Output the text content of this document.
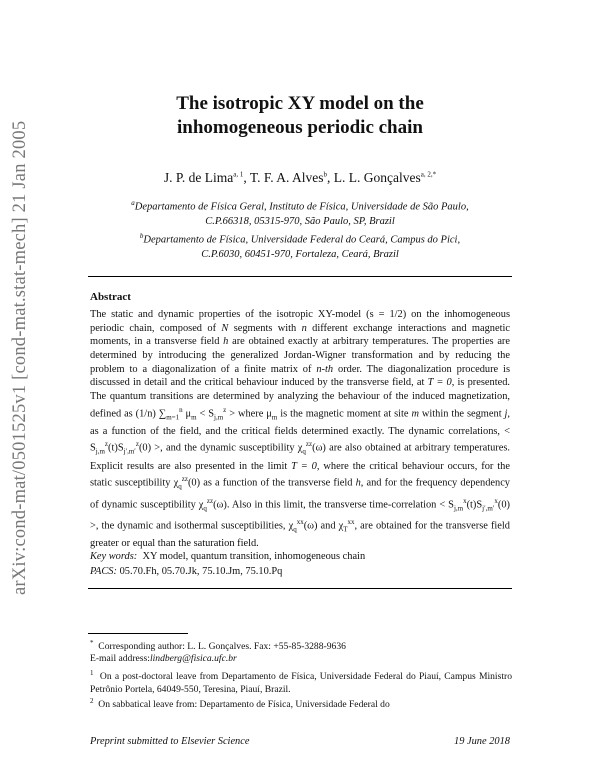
arXiv:cond-mat/0501525v1 [cond-mat.stat-mech] 21 Jan 2005
The isotropic XY model on the
inhomogeneous periodic chain
J. P. de Lima$^{a, 1}$, T. F. A. Alves$^b$, L. L. Gonçalves$^{a, 2,*}$
$^a$Departamento de Física Geral, Instituto de Física, Universidade de São Paulo,
C.P.66318, 05315-970, São Paulo, SP, Brazil
$^b$Departamento de Física, Universidade Federal do Ceará, Campus do Pici,
C.P.6030, 60451-970, Fortaleza, Ceará, Brazil
Abstract
The static and dynamic properties of the isotropic XY-model (s = 1/2) on the inhomogeneous periodic chain, composed of N segments with n different exchange interactions and magnetic moments, in a transverse field h are obtained exactly at arbitrary temperatures. The properties are determined by introducing the generalized Jordan-Wigner transformation and by reducing the problem to a diagonalization of a finite matrix of n-th order. The diagonalization procedure is discussed in detail and the critical behaviour induced by the transverse field, at T = 0, is presented. The quantum transitions are determined by analyzing the behaviour of the induced magnetization, defined as (1/n) $\sum_{m=1}^n$ $\mu_m < S_{j,m}^z$ > where $\mu_m$ is the magnetic moment at site m within the segment j, as a function of the field, and the critical fields determined exactly. The dynamic correlations, < $S_{j,m}^z(t)S_{j',m'}^z(0)$ >, and the dynamic susceptibility $\chi_q^{zz}(\omega)$ are also obtained at arbitrary temperatures. Explicit results are also presented in the limit T = 0, where the critical behaviour occurs, for the static susceptibility $\chi_q^{zz}(0)$ as a function of the transverse field h, and for the frequency dependency of dynamic susceptibility $\chi_q^{zz}(\omega)$. Also in this limit, the transverse time-correlation < $S_{j,m}^x(t)S_{j',m'}^x(0)$ >, the dynamic and isothermal susceptibilities, $\chi_q^{xx}(\omega)$ and $\chi_T^{xx}$, are obtained for the transverse field greater or equal than the saturation field.
Key words: XY model, quantum transition, inhomogeneous chain
PACS: 05.70.Fh, 05.70.Jk, 75.10.Jm, 75.10.Pq
* Corresponding author: L. L. Gonçalves. Fax: +55-85-3288-9636
E-mail address:lindberg@fisica.ufc.br
$^1$ On a post-doctoral leave from Departamento de Física, Universidade Federal do Piauí, Campus Ministro Petrônio Portela, 64049-550, Teresina, Piauí, Brazil.
$^2$ On sabbatical leave from: Departamento de Física, Universidade Federal do
Preprint submitted to Elsevier Science	19 June 2018
